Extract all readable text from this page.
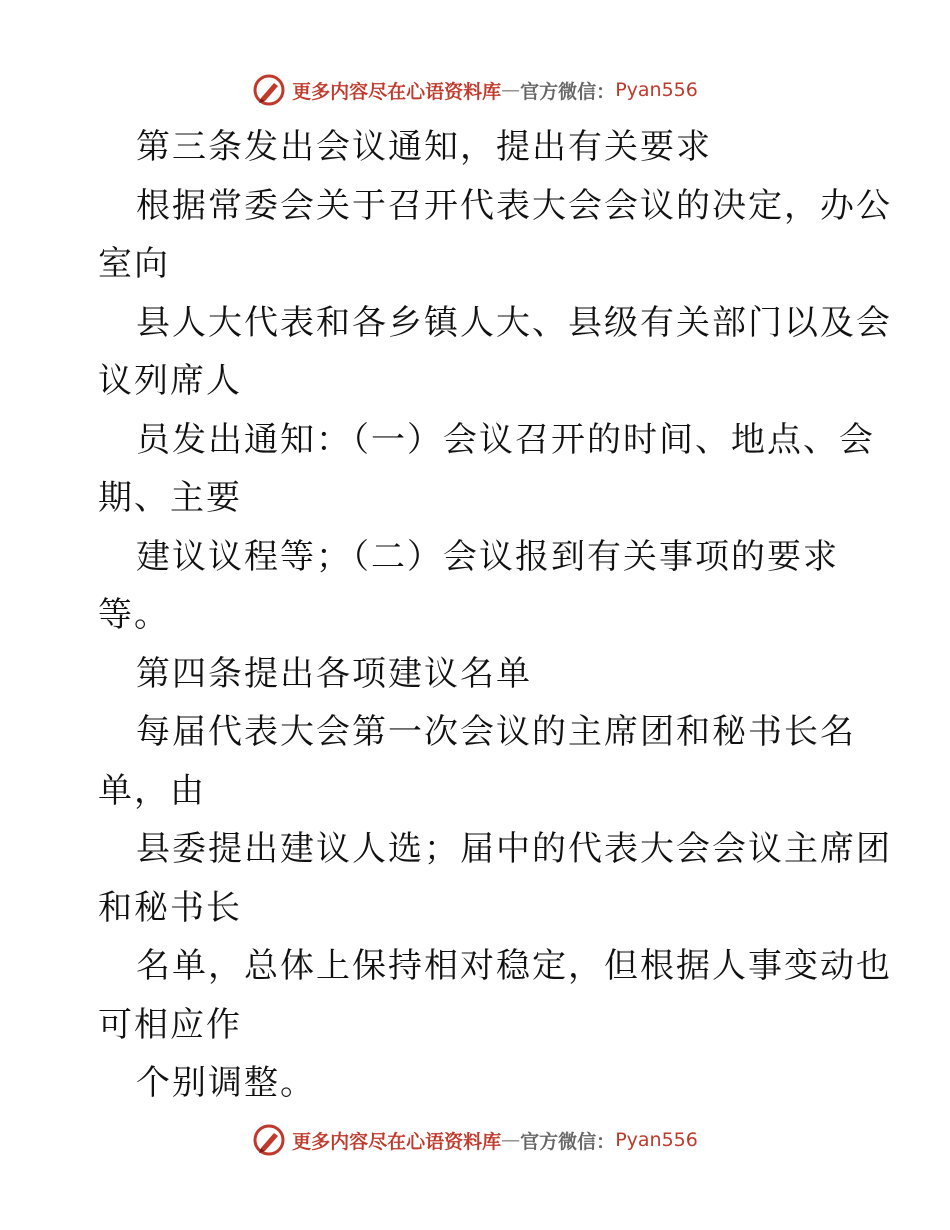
更多内容尽在心语资料库 — 官方微信： Pyan556
第三条发出会议通知，提出有关要求
根据常委会关于召开代表大会会议的决定，办公
室向
县人大代表和各乡镇人大、县级有关部门以及会
议列席人
员发出通知：（一）会议召开的时间、地点、会
期、主要
建议议程等；（二）会议报到有关事项的要求
等。
第四条提出各项建议名单
每届代表大会第一次会议的主席团和秘书长名
单，由
县委提出建议人选；届中的代表大会会议主席团
和秘书长
名单，总体上保持相对稳定，但根据人事变动也
可相应作
个别调整。
更多内容尽在心语资料库 — 官方微信： Pyan556
